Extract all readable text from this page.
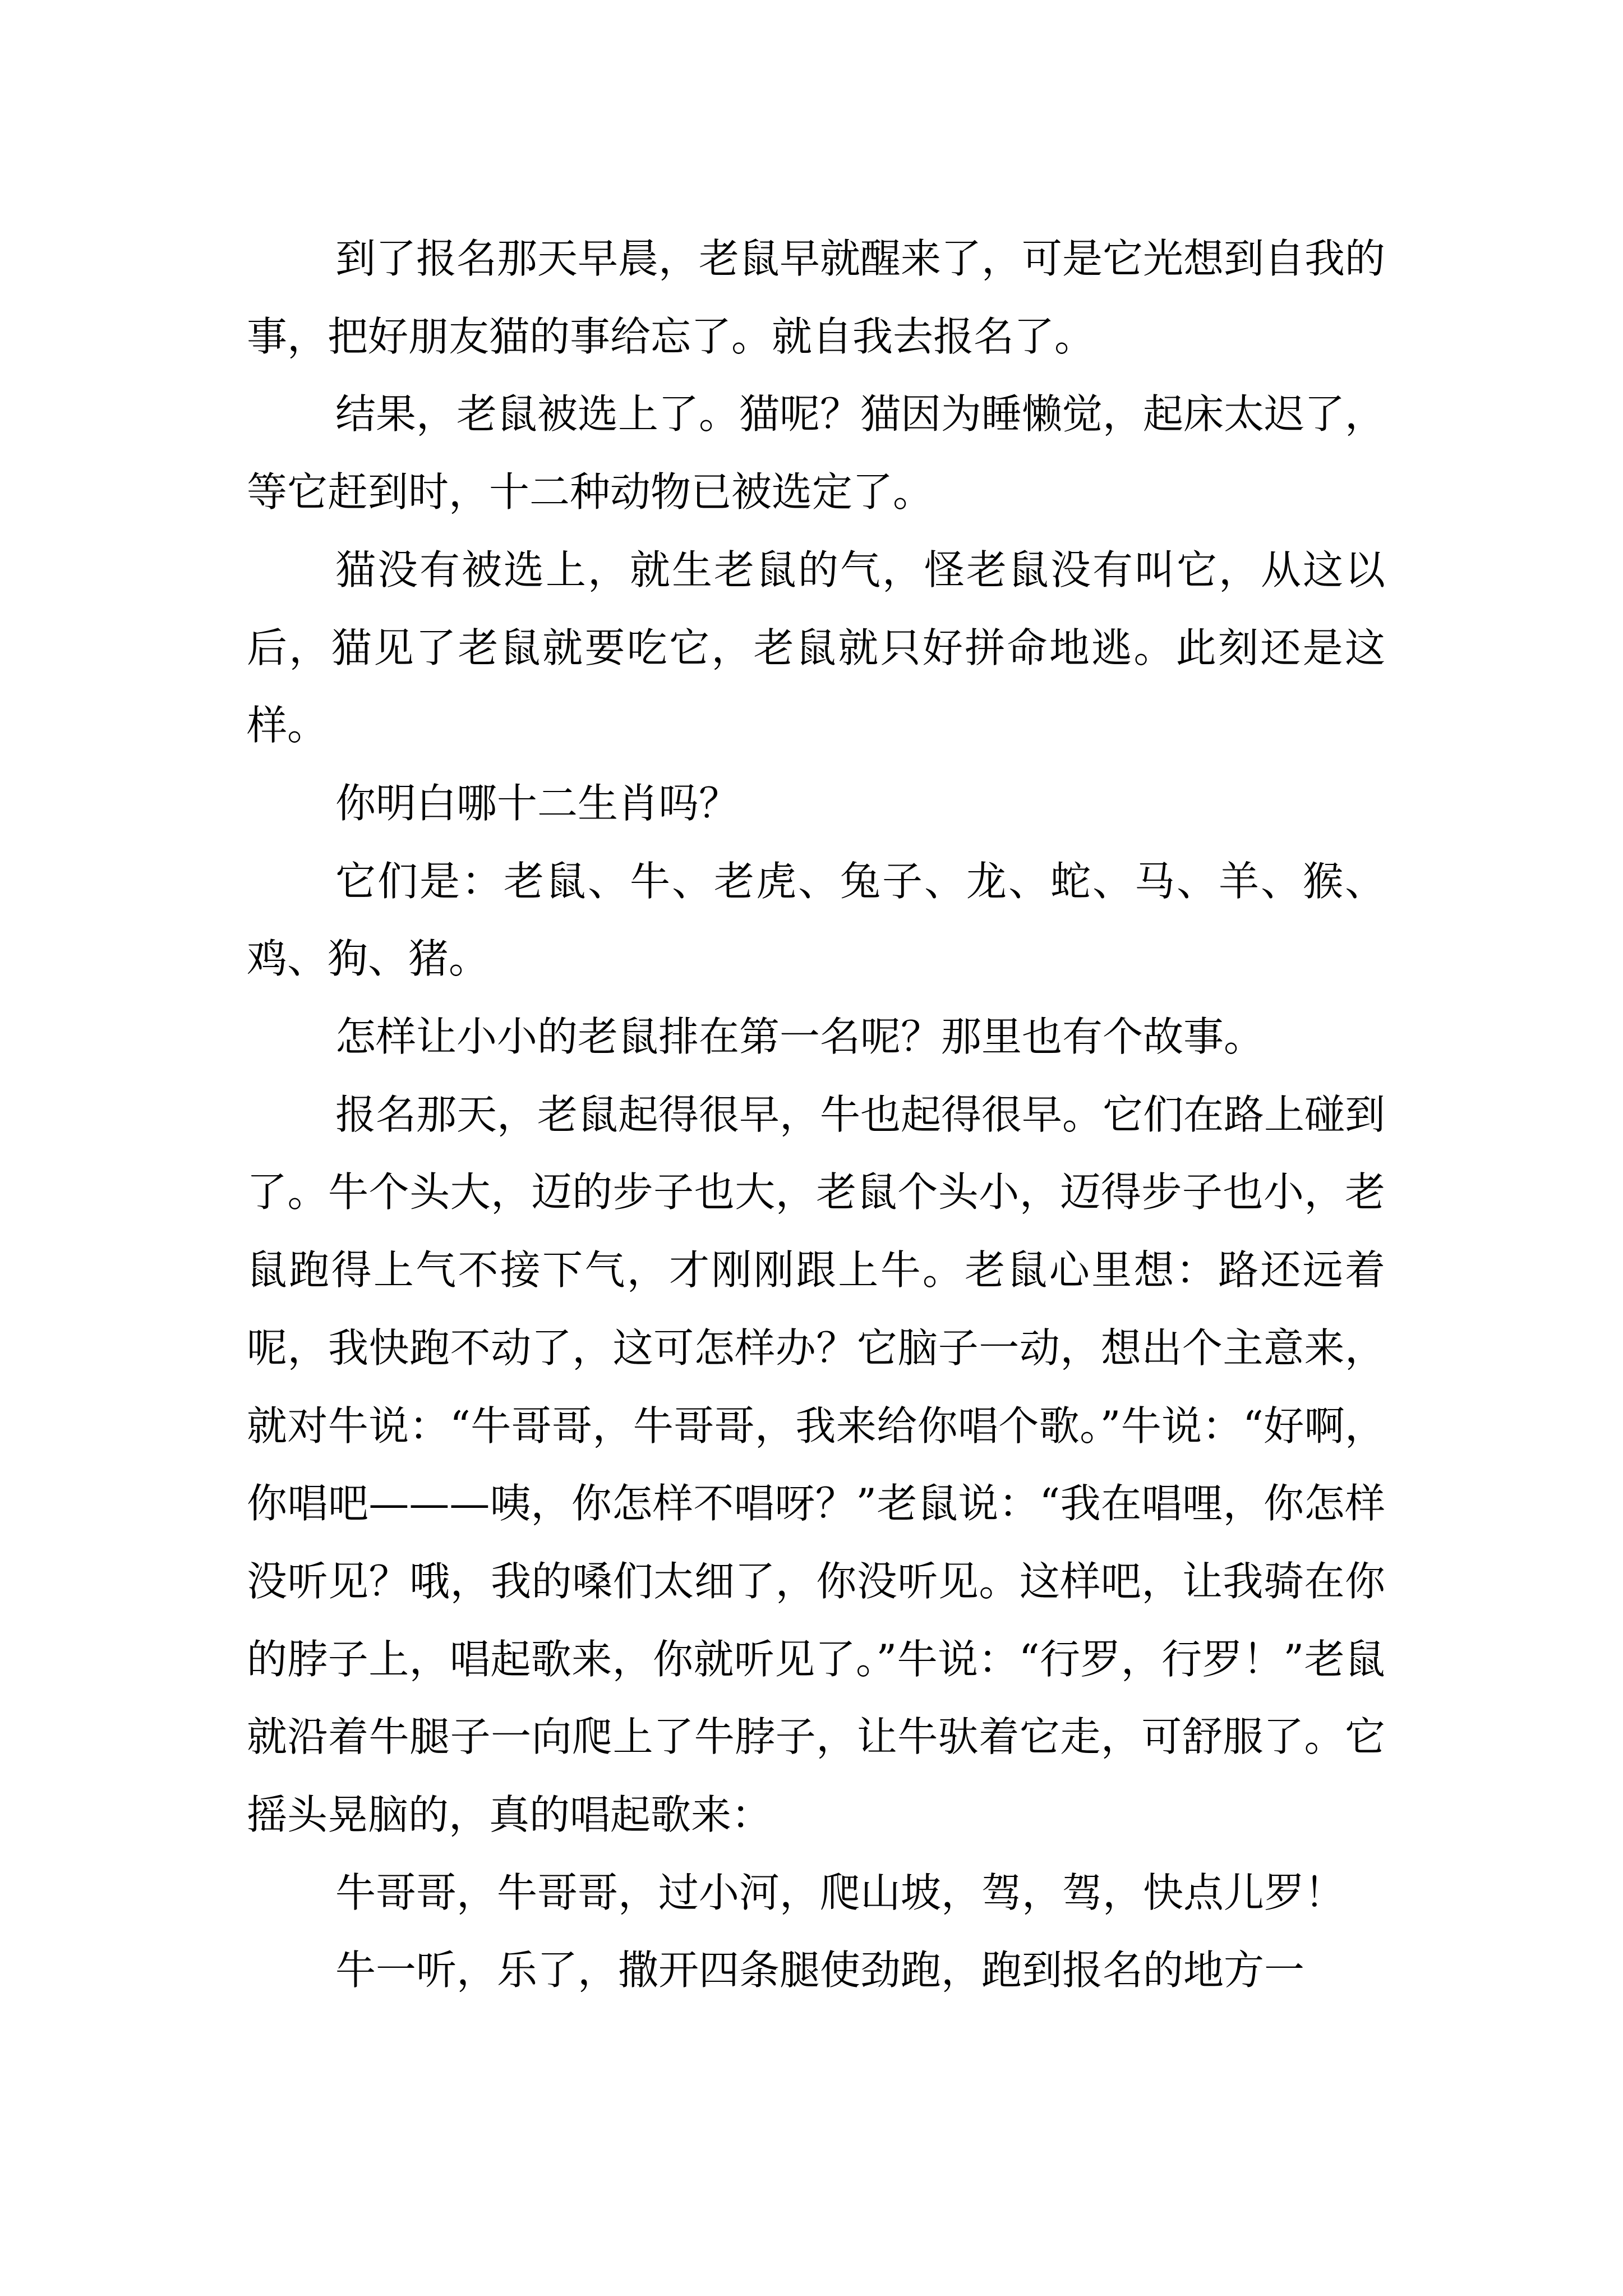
到了报名那天早晨，老鼠早就醒来了，可是它光想到自我的事，把好朋友猫的事给忘了。就自我去报名了。

结果，老鼠被选上了。猫呢？猫因为睡懒觉，起床太迟了，等它赶到时，十二种动物已被选定了。

猫没有被选上，就生老鼠的气，怪老鼠没有叫它，从这以后，猫见了老鼠就要吃它，老鼠就只好拼命地逃。此刻还是这样。

你明白哪十二生肖吗？

它们是：老鼠、牛、老虎、兔子、龙、蛇、马、羊、猴、鸡、狗、猪。

怎样让小小的老鼠排在第一名呢？那里也有个故事。

报名那天，老鼠起得很早，牛也起得很早。它们在路上碰到了。牛个头大，迈的步子也大，老鼠个头小，迈得步子也小，老鼠跑得上气不接下气，才刚刚跟上牛。老鼠心里想：路还远着呢，我快跑不动了，这可怎样办？它脑子一动，想出个主意来，就对牛说：“牛哥哥，牛哥哥，我来给你唱个歌。”牛说：“好啊，你唱吧———咦，你怎样不唱呀？”老鼠说：“我在唱哩，你怎样没听见？哦，我的嗓们太细了，你没听见。这样吧，让我骑在你的脖子上，唱起歌来，你就听见了。”牛说：“行罗，行罗！”老鼠就沿着牛腿子一向爬上了牛脖子，让牛驮着它走，可舒服了。它摇头晃脑的，真的唱起歌来：

牛哥哥，牛哥哥，过小河，爬山坡，驾，驾，快点儿罗！

牛一听，乐了，撒开四条腿使劲跑，跑到报名的地方一
